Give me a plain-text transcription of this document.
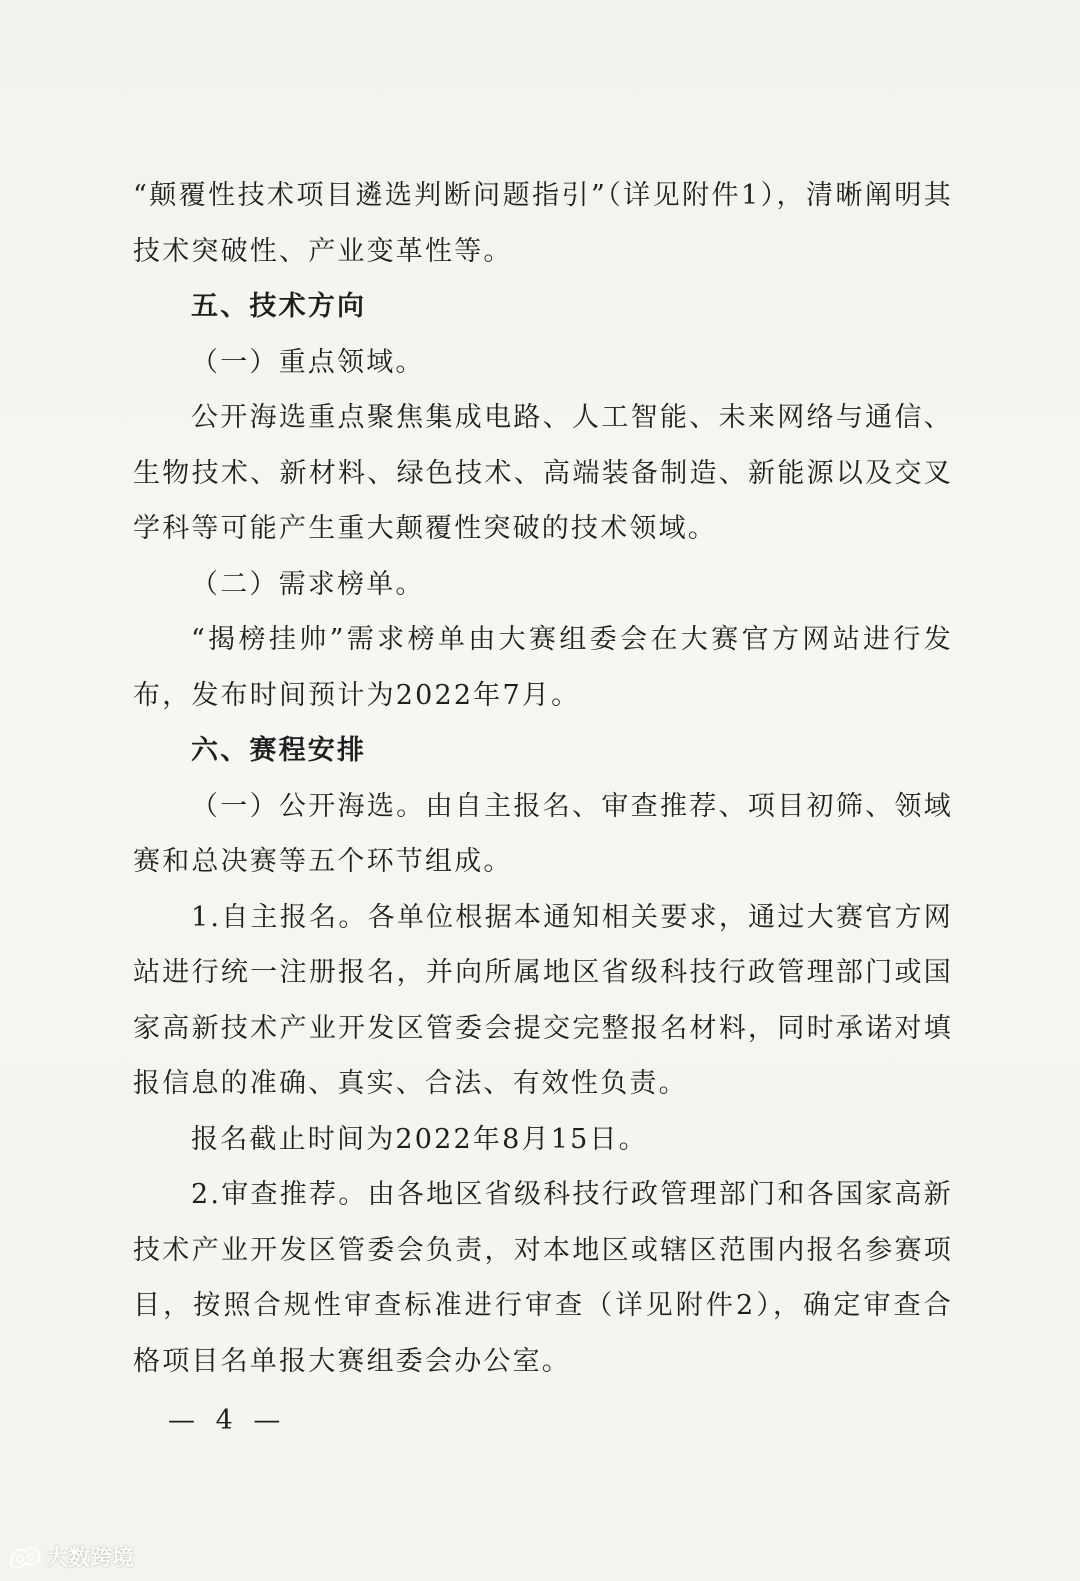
“颠覆性技术项目遴选判断问题指引”（详见附件1），清晰阐明其技术突破性、产业变革性等。

五、技术方向

（一）重点领域。

公开海选重点聚焦集成电路、人工智能、未来网络与通信、生物技术、新材料、绿色技术、高端装备制造、新能源以及交叉学科等可能产生重大颠覆性突破的技术领域。

（二）需求榜单。

“揭榜挂帅”需求榜单由大赛组委会在大赛官方网站进行发布，发布时间预计为2022年7月。

六、赛程安排

（一）公开海选。由自主报名、审查推荐、项目初筛、领域赛和总决赛等五个环节组成。

1.自主报名。各单位根据本通知相关要求，通过大赛官方网站进行统一注册报名，并向所属地区省级科技行政管理部门或国家高新技术产业开发区管委会提交完整报名材料，同时承诺对填报信息的准确、真实、合法、有效性负责。

报名截止时间为2022年8月15日。

2.审查推荐。由各地区省级科技行政管理部门和各国家高新技术产业开发区管委会负责，对本地区或辖区范围内报名参赛项目，按照合规性审查标准进行审查（详见附件2），确定审查合格项目名单报大赛组委会办公室。

— 4 —
大数跨境
